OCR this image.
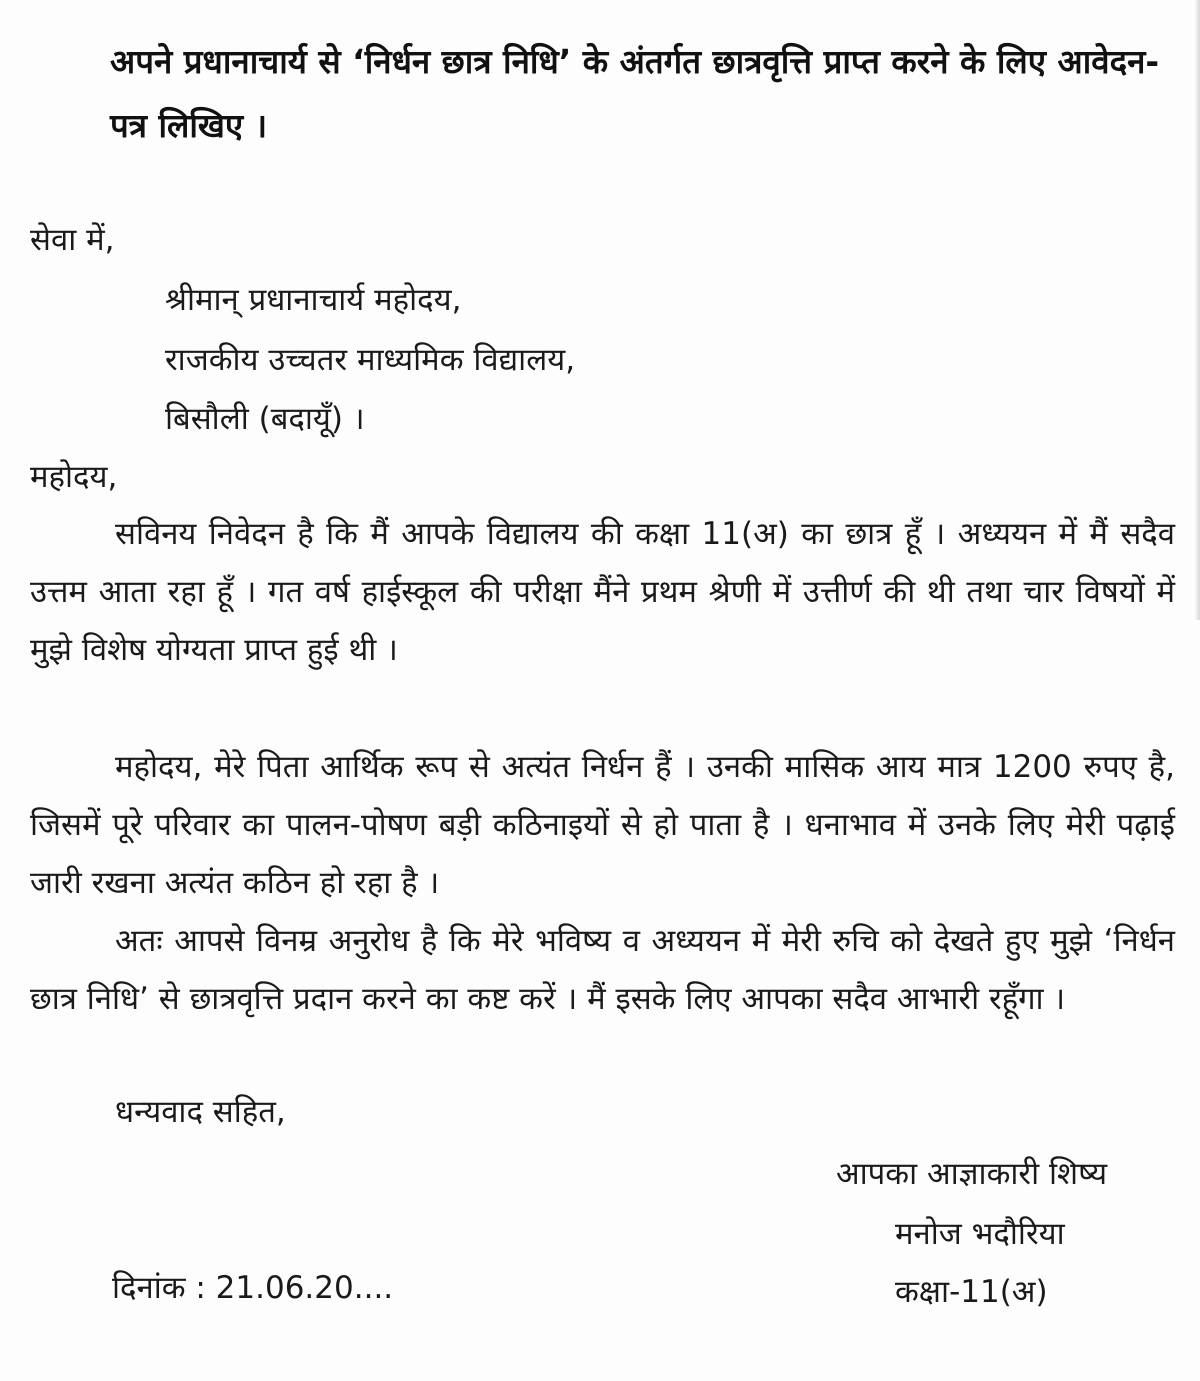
अपने प्रधानाचार्य से ‘निर्धन छात्र निधि’ के अंतर्गत छात्रवृत्ति प्राप्त करने के लिए आवेदन-पत्र लिखिए ।
सेवा में,
श्रीमान् प्रधानाचार्य महोदय,
राजकीय उच्चतर माध्यमिक विद्यालय,
बिसौली (बदायूँ) ।
महोदय,
सविनय निवेदन है कि मैं आपके विद्यालय की कक्षा 11(अ) का छात्र हूँ । अध्ययन में मैं सदैव उत्तम आता रहा हूँ । गत वर्ष हाईस्कूल की परीक्षा मैंने प्रथम श्रेणी में उत्तीर्ण की थी तथा चार विषयों में मुझे विशेष योग्यता प्राप्त हुई थी ।
महोदय, मेरे पिता आर्थिक रूप से अत्यंत निर्धन हैं । उनकी मासिक आय मात्र 1200 रुपए है, जिसमें पूरे परिवार का पालन-पोषण बड़ी कठिनाइयों से हो पाता है । धनाभाव में उनके लिए मेरी पढ़ाई जारी रखना अत्यंत कठिन हो रहा है ।
अतः आपसे विनम्र अनुरोध है कि मेरे भविष्य व अध्ययन में मेरी रुचि को देखते हुए मुझे ‘निर्धन छात्र निधि’ से छात्रवृत्ति प्रदान करने का कष्ट करें । मैं इसके लिए आपका सदैव आभारी रहूँगा ।
धन्यवाद सहित,
आपका आज्ञाकारी शिष्य
मनोज भदौरिया
कक्षा-11(अ)
दिनांक : 21.06.20....
